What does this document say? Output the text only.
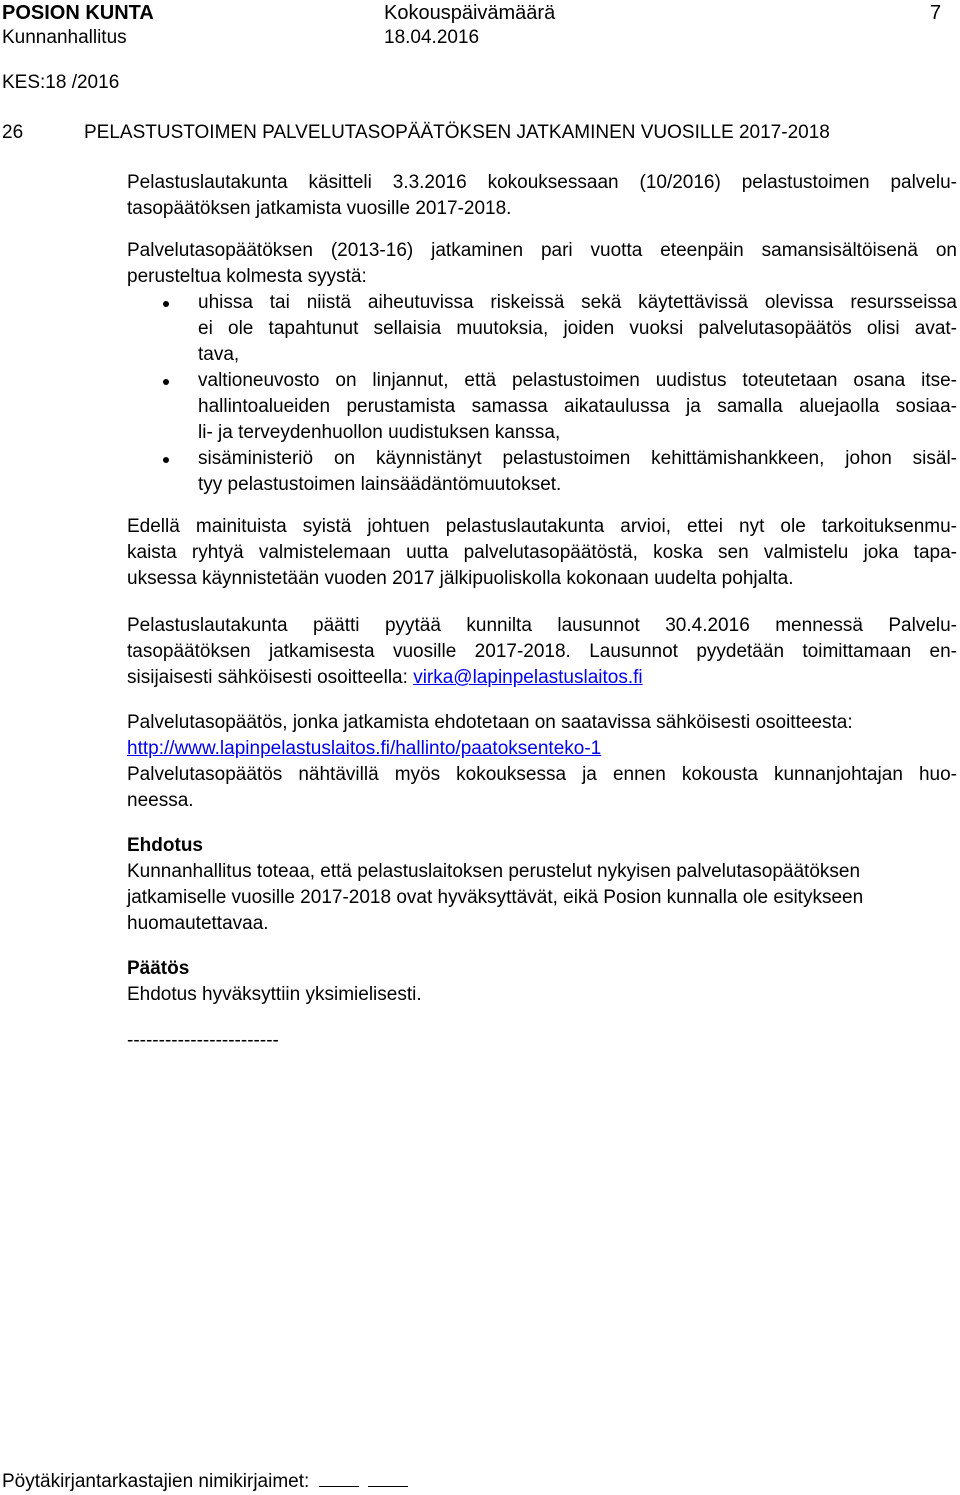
POSION KUNTA	Kokouspäivämäärä	7
Kunnanhallitus	18.04.2016
KES:18 /2016
26	PELASTUSTOIMEN PALVELUTASOPÄÄTÖKSEN JATKAMINEN VUOSILLE 2017-2018
Pelastuslautakunta käsitteli 3.3.2016 kokouksessaan (10/2016) pelastustoimen palvelu-
tasopäätöksen jatkamista vuosille 2017-2018.
Palvelutasopäätöksen (2013-16) jatkaminen pari vuotta eteenpäin samansisältöisenä on
perusteltua kolmesta syystä:
uhissa tai niistä aiheutuvissa riskeissä sekä käytettävissä olevissa resursseissa
ei ole tapahtunut sellaisia muutoksia, joiden vuoksi palvelutasopäätös olisi avat-
tava,
valtioneuvosto on linjannut, että pelastustoimen uudistus toteutetaan osana itse-
hallintoalueiden perustamista samassa aikataulussa ja samalla aluejaolla sosiaa-
li- ja terveydenhuollon uudistuksen kanssa,
sisäministeriö on käynnistänyt pelastustoimen kehittämishankkeen, johon sisäl-
tyy pelastustoimen lainsäädäntömuutokset.
Edellä mainituista syistä johtuen pelastuslautakunta arvioi, ettei nyt ole tarkoituksenmu-
kaista ryhtyä valmistelemaan uutta palvelutasopäätöstä, koska sen valmistelu joka tapa-
uksessa käynnistetään vuoden 2017 jälkipuoliskolla kokonaan uudelta pohjalta.
Pelastuslautakunta päätti pyytää kunnilta lausunnot 30.4.2016 mennessä Palvelu-
tasopäätöksen jatkamisesta vuosille 2017-2018. Lausunnot pyydetään toimittamaan en-
sisijaisesti sähköisesti osoitteella: virka@lapinpelastuslaitos.fi
Palvelutasopäätös, jonka jatkamista ehdotetaan on saatavissa sähköisesti osoitteesta:
http://www.lapinpelastuslaitos.fi/hallinto/paatoksenteko-1
Palvelutasopäätös nähtävillä myös kokouksessa ja ennen kokousta kunnanjohtajan huo-
neessa.
Ehdotus
Kunnanhallitus toteaa, että pelastuslaitoksen perustelut nykyisen palvelutasopäätöksen
jatkamiselle vuosille 2017-2018 ovat hyväksyttävät, eikä Posion kunnalla ole esitykseen
huomautettavaa.
Päätös
Ehdotus hyväksyttiin yksimielisesti.
------------------------
Pöytäkirjantarkastajien nimikirjaimet:
